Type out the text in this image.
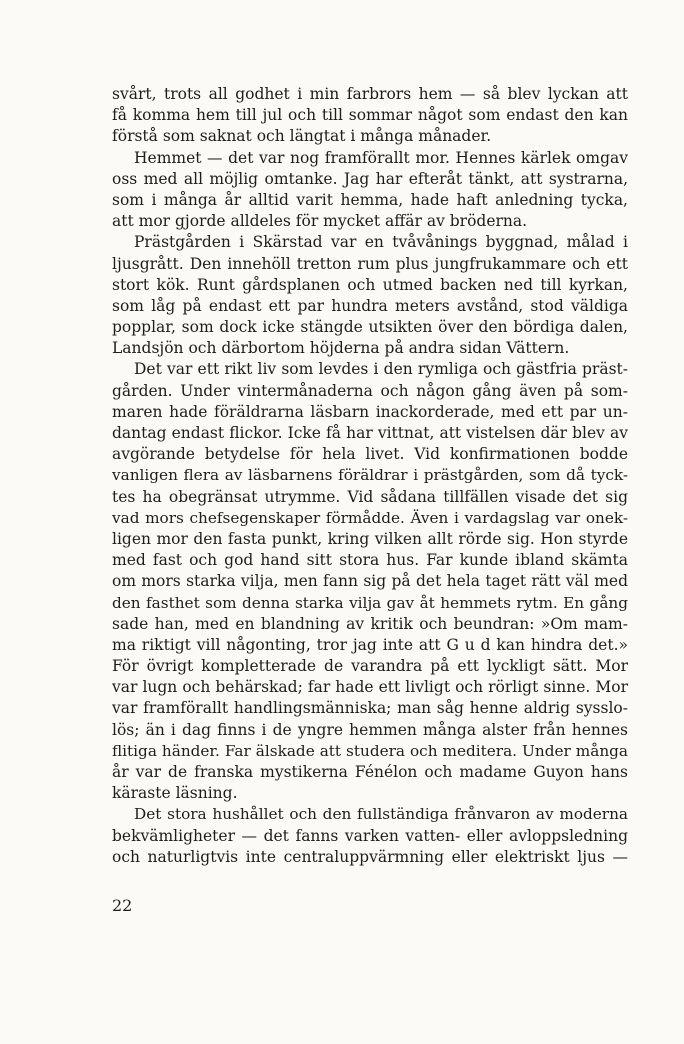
svårt, trots all godhet i min farbrors hem — så blev lyckan att
få komma hem till jul och till sommar något som endast den kan
förstå som saknat och längtat i många månader.
Hemmet — det var nog framförallt mor. Hennes kärlek omgav
oss med all möjlig omtanke. Jag har efteråt tänkt, att systrarna,
som i många år alltid varit hemma, hade haft anledning tycka,
att mor gjorde alldeles för mycket affär av bröderna.
Prästgården i Skärstad var en tvåvånings byggnad, målad i
ljusgrått. Den innehöll tretton rum plus jungfrukammare och ett
stort kök. Runt gårdsplanen och utmed backen ned till kyrkan,
som låg på endast ett par hundra meters avstånd, stod väldiga
popplar, som dock icke stängde utsikten över den bördiga dalen,
Landsjön och därbortom höjderna på andra sidan Vättern.
Det var ett rikt liv som levdes i den rymliga och gästfria präst-
gården. Under vintermånaderna och någon gång även på som-
maren hade föräldrarna läsbarn inackorderade, med ett par un-
dantag endast flickor. Icke få har vittnat, att vistelsen där blev av
avgörande betydelse för hela livet. Vid konfirmationen bodde
vanligen flera av läsbarnens föräldrar i prästgården, som då tyck-
tes ha obegränsat utrymme. Vid sådana tillfällen visade det sig
vad mors chefsegenskaper förmådde. Även i vardagslag var onek-
ligen mor den fasta punkt, kring vilken allt rörde sig. Hon styrde
med fast och god hand sitt stora hus. Far kunde ibland skämta
om mors starka vilja, men fann sig på det hela taget rätt väl med
den fasthet som denna starka vilja gav åt hemmets rytm. En gång
sade han, med en blandning av kritik och beundran: »Om mam-
ma riktigt vill någonting, tror jag inte att G u d kan hindra det.»
För övrigt kompletterade de varandra på ett lyckligt sätt. Mor
var lugn och behärskad; far hade ett livligt och rörligt sinne. Mor
var framförallt handlingsmänniska; man såg henne aldrig sysslo-
lös; än i dag finns i de yngre hemmen många alster från hennes
flitiga händer. Far älskade att studera och meditera. Under många
år var de franska mystikerna Fénélon och madame Guyon hans
käraste läsning.
Det stora hushållet och den fullständiga frånvaron av moderna
bekvämligheter — det fanns varken vatten- eller avloppsledning
och naturligtvis inte centraluppvärmning eller elektriskt ljus —
22
